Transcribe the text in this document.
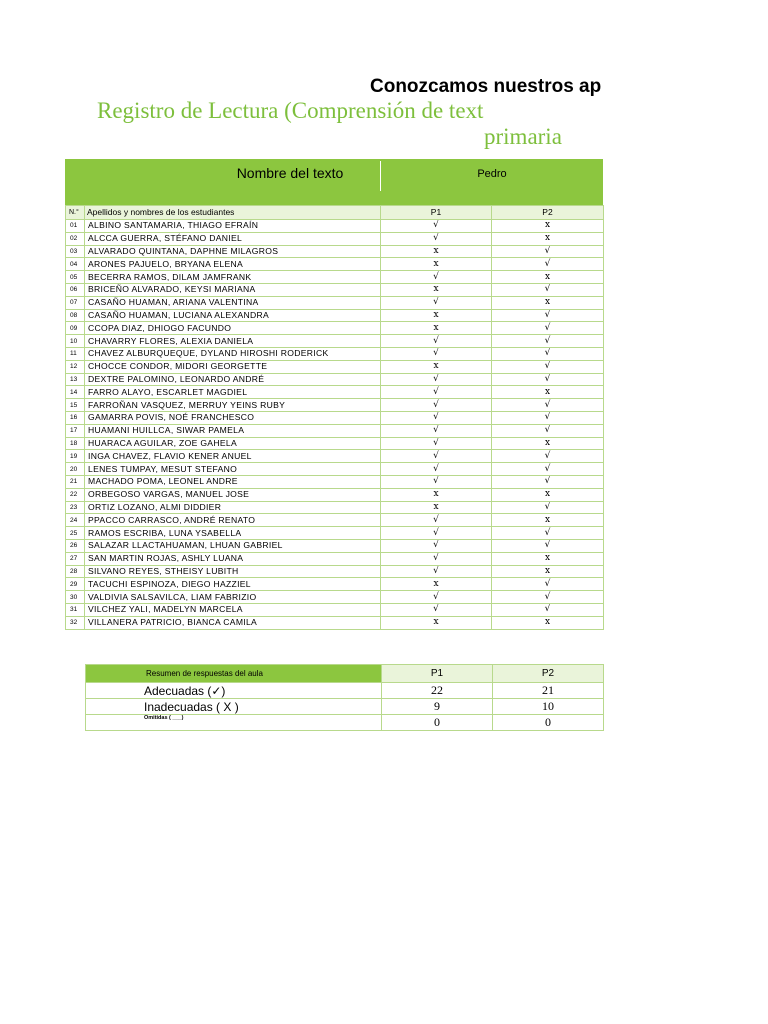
Conozcamos nuestros ap
Registro de Lectura (Comprensión de text
primaria
Nombre del texto	Pedro
N.°	Apellidos y nombres de los estudiantes	P1	P2
01	ALBINO SANTAMARIA, THIAGO EFRAÍN	√	x
02	ALCCA GUERRA, STÉFANO DANIEL	√	x
03	ALVARADO QUINTANA, DAPHNE MILAGROS	x	√
04	ARONES PAJUELO, BRYANA ELENA	x	√
05	BECERRA RAMOS, DILAM JAMFRANK	√	x
06	BRICEÑO ALVARADO, KEYSI MARIANA	x	√
07	CASAÑO HUAMAN, ARIANA VALENTINA	√	x
08	CASAÑO HUAMAN, LUCIANA ALEXANDRA	x	√
09	CCOPA DIAZ, DHIOGO FACUNDO	x	√
10	CHAVARRY FLORES, ALEXIA DANIELA	√	√
11	CHAVEZ ALBURQUEQUE, DYLAND HIROSHI RODERICK	√	√
12	CHOCCE CONDOR, MIDORI GEORGETTE	x	√
13	DEXTRE PALOMINO, LEONARDO ANDRÉ	√	√
14	FARRO ALAYO, ESCARLET MAGDIEL	√	x
15	FARROÑAN VASQUEZ, MERRUY YEINS RUBY	√	√
16	GAMARRA POVIS, NOÉ FRANCHESCO	√	√
17	HUAMANI HUILLCA, SIWAR PAMELA	√	√
18	HUARACA AGUILAR, ZOE GAHELA	√	x
19	INGA CHAVEZ, FLAVIO KENER ANUEL	√	√
20	LENES TUMPAY, MESUT STEFANO	√	√
21	MACHADO POMA, LEONEL ANDRE	√	√
22	ORBEGOSO VARGAS, MANUEL JOSE	x	x
23	ORTIZ LOZANO, ALMI DIDDIER	x	√
24	PPACCO CARRASCO, ANDRÉ RENATO	√	x
25	RAMOS ESCRIBA, LUNA YSABELLA	√	√
26	SALAZAR LLACTAHUAMAN, LHUAN GABRIEL	√	√
27	SAN MARTIN ROJAS, ASHLY LUANA	√	x
28	SILVANO REYES, STHEISY LUBITH	√	x
29	TACUCHI ESPINOZA, DIEGO HAZZIEL	x	√
30	VALDIVIA SALSAVILCA, LIAM FABRIZIO	√	√
31	VILCHEZ YALI, MADELYN MARCELA	√	√
32	VILLANERA PATRICIO, BIANCA CAMILA	x	x
Resumen de respuestas del aula	P1	P2
Adecuadas (✓)	22	21
Inadecuadas ( X )	9	10
Omitidas ( ___)	0	0
